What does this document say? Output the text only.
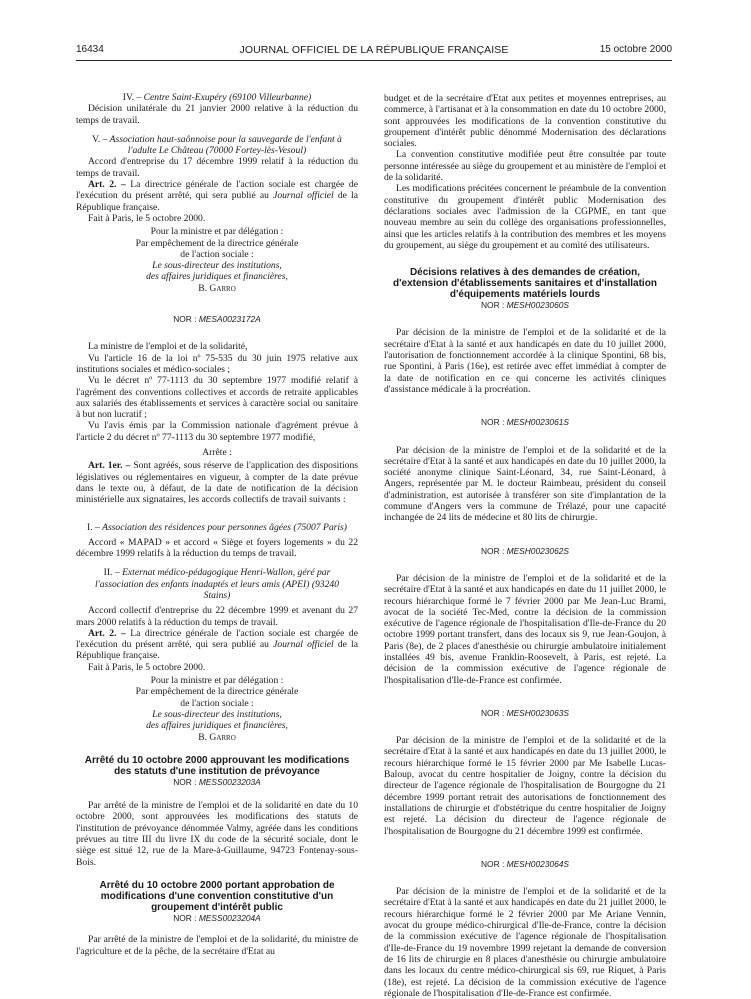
16434	JOURNAL OFFICIEL DE LA RÉPUBLIQUE FRANÇAISE	15 octobre 2000

IV. – Centre Saint-Exupéry (69100 Villeurbanne)

Décision unilatérale du 21 janvier 2000 relative à la réduction du temps de travail.

V. – Association haut-saônnoise pour la sauvegarde de l'enfant à l'adulte Le Château (70000 Fortey-lès-Vesoul)

Accord d'entreprise du 17 décembre 1999 relatif à la réduction du temps de travail.

Art. 2. – La directrice générale de l'action sociale est chargée de l'exécution du présent arrêté, qui sera publié au Journal officiel de la République française.

Fait à Paris, le 5 octobre 2000.

Pour la ministre et par délégation :

Par empêchement de la directrice générale

de l'action sociale :

Le sous-directeur des institutions,

des affaires juridiques et financières,

B. Garro

NOR : MESA0023172A

La ministre de l'emploi et de la solidarité,

Vu l'article 16 de la loi nº 75-535 du 30 juin 1975 relative aux institutions sociales et médico-sociales ;

Vu le décret nº 77-1113 du 30 septembre 1977 modifié relatif à l'agrément des conventions collectives et accords de retraite applicables aux salariés des établissements et services à caractère social ou sanitaire à but non lucratif ;

Vu l'avis émis par la Commission nationale d'agrément prévue à l'article 2 du décret nº 77-1113 du 30 septembre 1977 modifié,

Arrête :

Art. 1er. – Sont agréés, sous réserve de l'application des dispositions législatives ou réglementaires en vigueur, à compter de la date prévue dans le texte ou, à défaut, de la date de notification de la décision ministérielle aux signataires, les accords collectifs de travail suivants :

I. – Association des résidences pour personnes âgées (75007 Paris)

Accord « MAPAD » et accord « Siège et foyers logements » du 22 décembre 1999 relatifs à la réduction du temps de travail.

II. – Externat médico-pédagogique Henri-Wallon, géré par l'association des enfants inadaptés et leurs amis (APEI) (93240 Stains)

Accord collectif d'entreprise du 22 décembre 1999 et avenant du 27 mars 2000 relatifs à la réduction du temps de travail.

Art. 2. – La directrice générale de l'action sociale est chargée de l'exécution du présent arrêté, qui sera publié au Journal officiel de la République française.

Fait à Paris, le 5 octobre 2000.

Pour la ministre et par délégation :

Par empêchement de la directrice générale

de l'action sociale :

Le sous-directeur des institutions,

des affaires juridiques et financières,

B. Garro

Arrêté du 10 octobre 2000 approuvant les modifications des statuts d'une institution de prévoyance

NOR : MESS0023203A

Par arrêté de la ministre de l'emploi et de la solidarité en date du 10 octobre 2000, sont approuvées les modifications des statuts de l'institution de prévoyance dénommée Valmy, agréée dans les conditions prévues au titre III du livre IX du code de la sécurité sociale, dont le siège est situé 12, rue de la Mare-à-Guillaume, 94723 Fontenay-sous-Bois.

Arrêté du 10 octobre 2000 portant approbation de modifications d'une convention constitutive d'un groupement d'intérêt public

NOR : MESS0023204A

Par arrêté de la ministre de l'emploi et de la solidarité, du ministre de l'agriculture et de la pêche, de la secrétaire d'Etat au

budget et de la secrétaire d'Etat aux petites et moyennes entreprises, au commerce, à l'artisanat et à la consommation en date du 10 octobre 2000, sont approuvées les modifications de la convention constitutive du groupement d'intérêt public dénommé Modernisation des déclarations sociales.

La convention constitutive modifiée peut être consultée par toute personne intéressée au siège du groupement et au ministère de l'emploi et de la solidarité.

Les modifications précitées concernent le préambule de la convention constitutive du groupement d'intérêt public Modernisation des déclarations sociales avec l'admission de la CGPME, en tant que nouveau membre au sein du collège des organisations professionnelles, ainsi que les articles relatifs à la contribution des membres et les moyens du groupement, au siège du groupement et au comité des utilisateurs.

Décisions relatives à des demandes de création, d'extension d'établissements sanitaires et d'installation d'équipements matériels lourds

NOR : MESH0023060S

Par décision de la ministre de l'emploi et de la solidarité et de la secrétaire d'Etat à la santé et aux handicapés en date du 10 juillet 2000, l'autorisation de fonctionnement accordée à la clinique Spontini, 68 bis, rue Spontini, à Paris (16e), est retirée avec effet immédiat à compter de la date de notification en ce qui concerne les activités cliniques d'assistance médicale à la procréation.

NOR : MESH0023061S

Par décision de la ministre de l'emploi et de la solidarité et de la secrétaire d'Etat à la santé et aux handicapés en date du 10 juillet 2000, la société anonyme clinique Saint-Léonard, 34, rue Saint-Léonard, à Angers, représentée par M. le docteur Raimbeau, président du conseil d'administration, est autorisée à transférer son site d'implantation de la commune d'Angers vers la commune de Trélazé, pour une capacité inchangée de 24 lits de médecine et 80 lits de chirurgie.

NOR : MESH0023062S

Par décision de la ministre de l'emploi et de la solidarité et de la secrétaire d'Etat à la santé et aux handicapés en date du 11 juillet 2000, le recours hiérarchique formé le 7 février 2000 par Me Jean-Luc Brami, avocat de la société Tec-Med, contre la décision de la commission exécutive de l'agence régionale de l'hospitalisation d'Ile-de-France du 20 octobre 1999 portant transfert, dans des locaux sis 9, rue Jean-Goujon, à Paris (8e), de 2 places d'anesthésie ou chirurgie ambulatoire initialement installées 49 bis, avenue Franklin-Roosevelt, à Paris, est rejeté. La décision de la commission exécutive de l'agence régionale de l'hospitalisation d'Ile-de-France est confirmée.

NOR : MESH0023063S

Par décision de la ministre de l'emploi et de la solidarité et de la secrétaire d'Etat à la santé et aux handicapés en date du 13 juillet 2000, le recours hiérarchique formé le 15 février 2000 par Me Isabelle Lucas-Baloup, avocat du centre hospitalier de Joigny, contre la décision du directeur de l'agence régionale de l'hospitalisation de Bourgogne du 21 décembre 1999 portant retrait des autorisations de fonctionnement des installations de chirurgie et d'obstétrique du centre hospitalier de Joigny est rejeté. La décision du directeur de l'agence régionale de l'hospitalisation de Bourgogne du 21 décembre 1999 est confirmée.

NOR : MESH0023064S

Par décision de la ministre de l'emploi et de la solidarité et de la secrétaire d'Etat à la santé et aux handicapés en date du 21 juillet 2000, le recours hiérarchique formé le 2 février 2000 par Me Ariane Vennin, avocat du groupe médico-chirurgical d'Ile-de-France, contre la décision de la commission exécutive de l'agence régionale de l'hospitalisation d'Ile-de-France du 19 novembre 1999 rejetant la demande de conversion de 16 lits de chirurgie en 8 places d'anesthésie ou chirurgie ambulatoire dans les locaux du centre médico-chirurgical sis 69, rue Riquet, à Paris (18e), est rejeté. La décision de la commission exécutive de l'agence régionale de l'hospitalisation d'Ile-de-France est confirmée.
